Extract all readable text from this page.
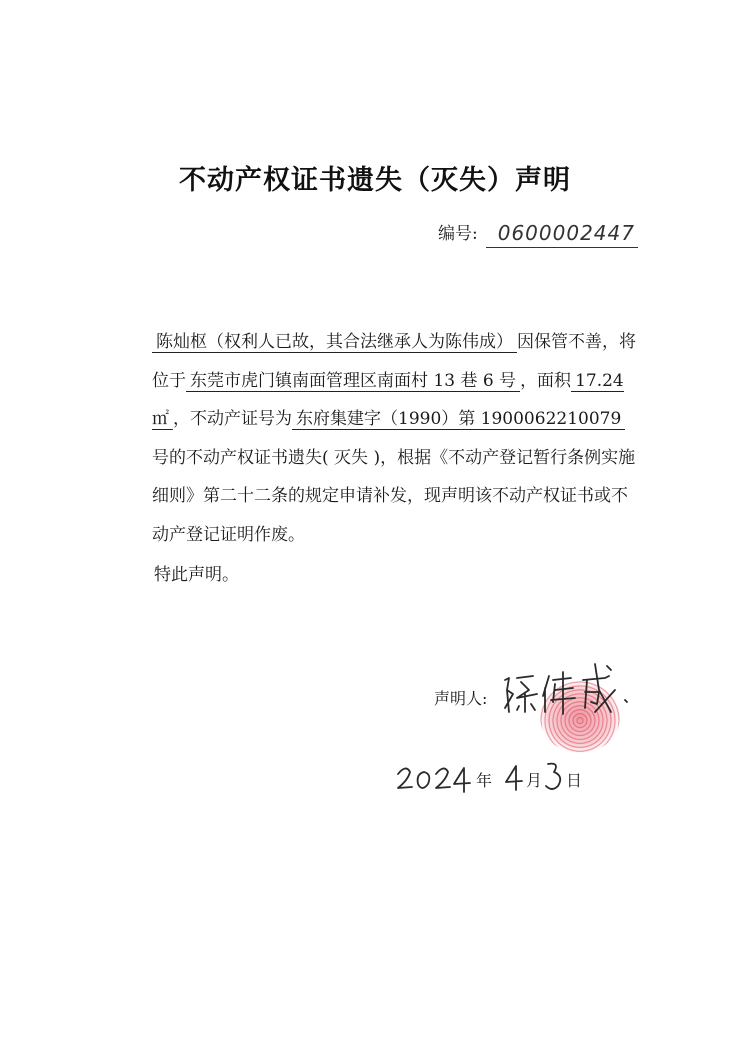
不动产权证书遗失（灭失）声明
编号:	0600002447

陈灿枢（权利人已故，其合法继承人为陈伟成） 因保管不善，将位于 东莞市虎门镇南面管理区南面村 13 巷 6 号 ，面积 17.24 ㎡ ，不动产证号为 东府集建字（1990）第 1900062210079号的不动产权证书遗失( 灭失 )，根据《不动产登记暂行条例实施细则》第二十二条的规定申请补发，现声明该不动产权证书或不动产登记证明作废。

特此声明。
声明人:
年 月 日
